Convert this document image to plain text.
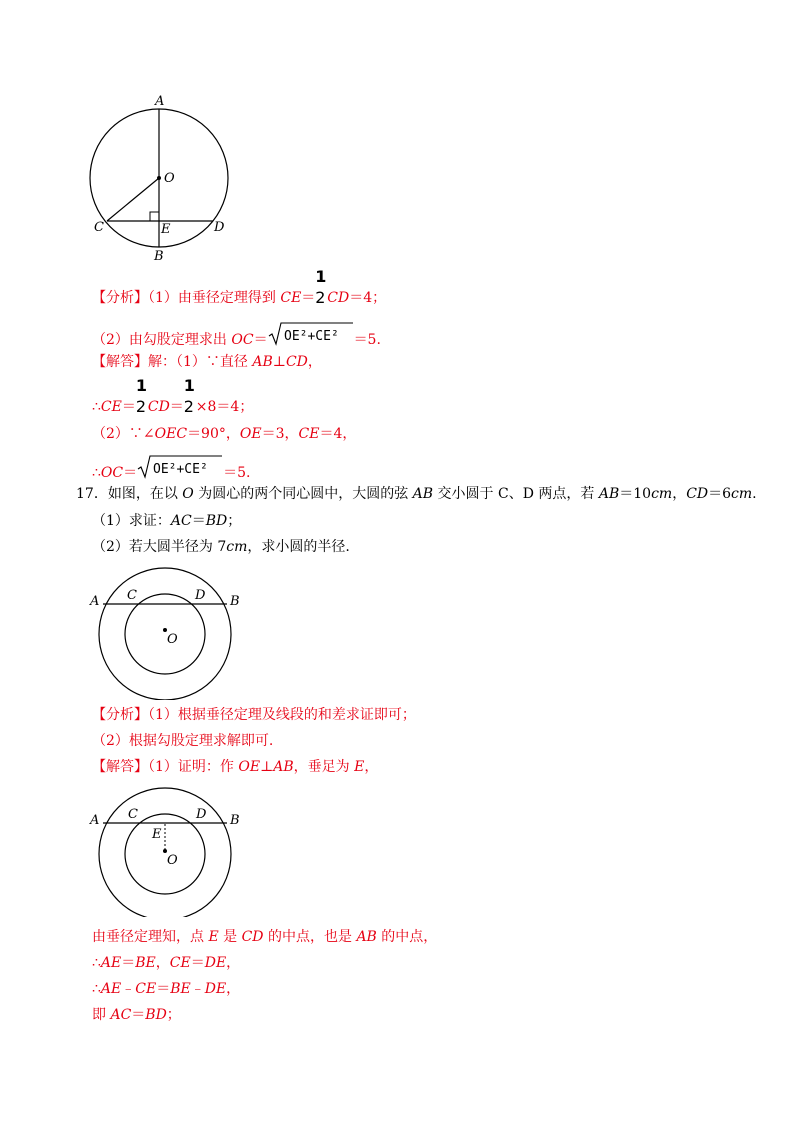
A
O
C	E	D
B
【分析】（1）由垂径定理得到 CE＝
1
2 CD＝4；
（2）由勾股定理求出 OC＝ OE²+CE² ＝5.
【解答】解：（1）∵直径 AB⊥CD，
∴CE＝
1
2 CD＝
1
2 ×8＝4；
（2）∵∠OEC＝90°，OE＝3，CE＝4，
∴OC＝ OE²+CE² ＝5.
17．如图，在以 O 为圆心的两个同心圆中，大圆的弦 AB 交小圆于 C、D 两点，若 AB＝10cm，CD＝6cm.
（1）求证：AC＝BD；
（2）若大圆半径为 7cm，求小圆的半径.
A C	D B
O
【分析】（1）根据垂径定理及线段的和差求证即可；
（2）根据勾股定理求解即可.
【解答】（1）证明：作 OE⊥AB，垂足为 E，
A C	D B
E
O
由垂径定理知，点 E 是 CD 的中点，也是 AB 的中点，
∴AE＝BE，CE＝DE，
∴AE﹣CE＝BE﹣DE，
即 AC＝BD；
